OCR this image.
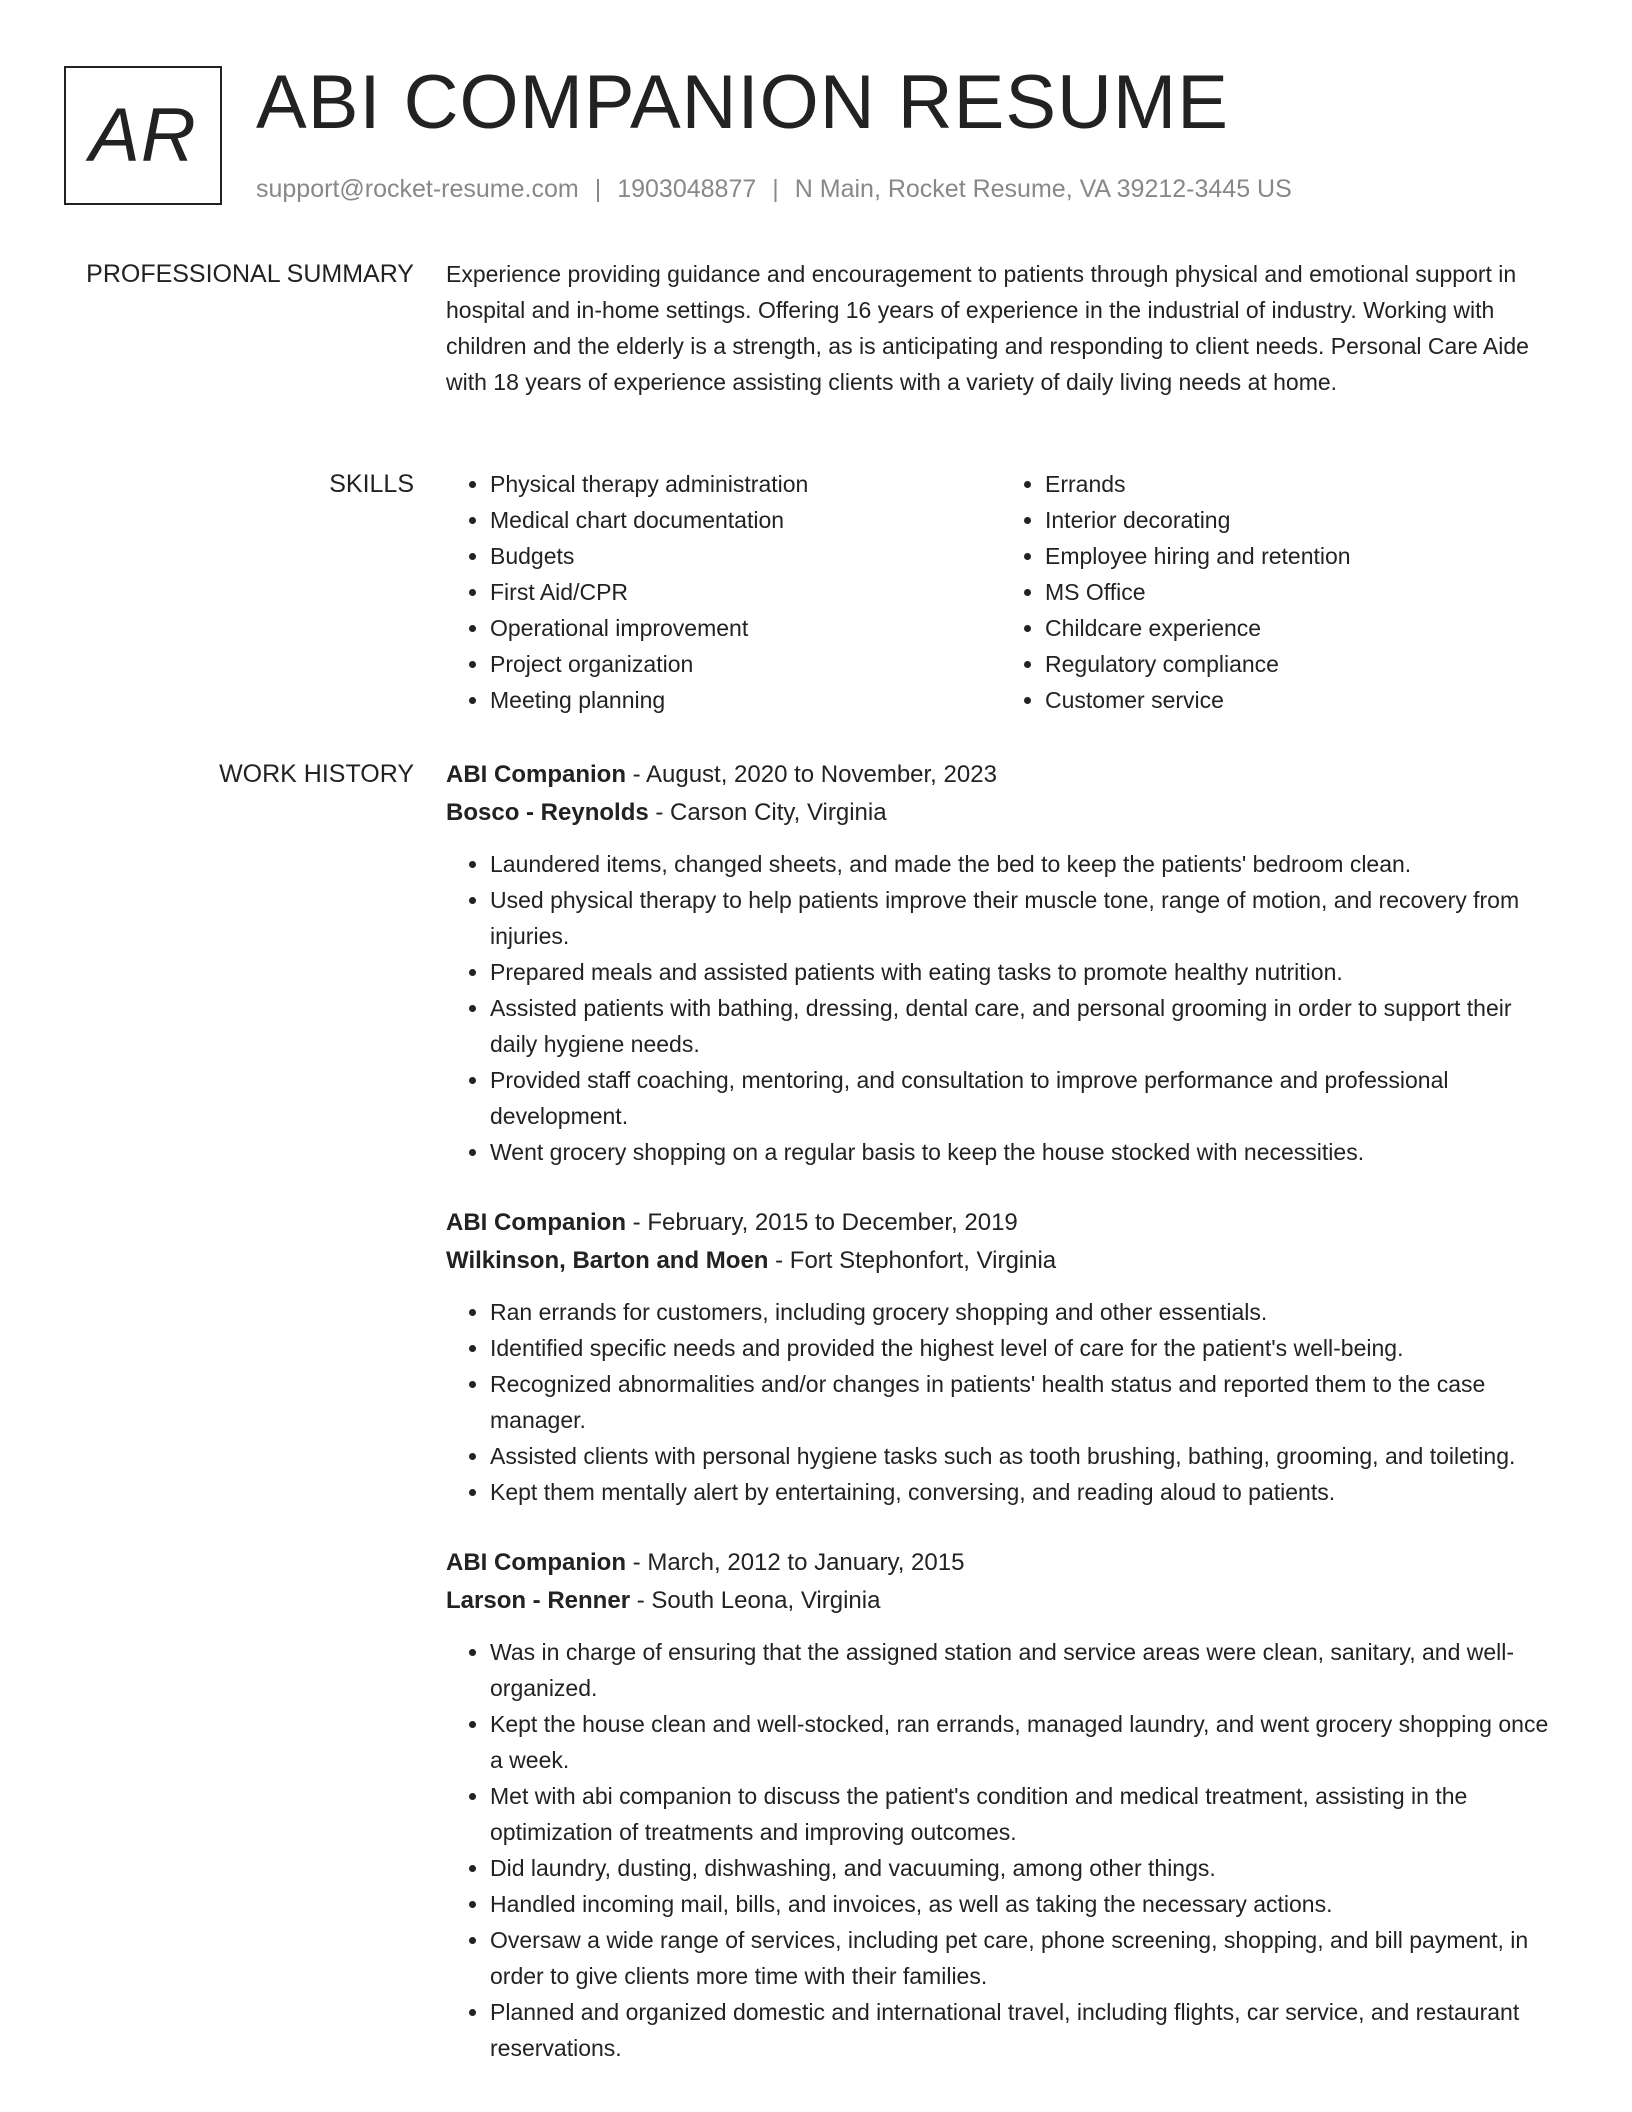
AR ABI COMPANION RESUME
support@rocket-resume.com | 1903048877 | N Main, Rocket Resume, VA 39212-3445 US
PROFESSIONAL SUMMARY Experience providing guidance and encouragement to patients through physical and emotional support in hospital and in-home settings. Offering 16 years of experience in the industrial of industry. Working with children and the elderly is a strength, as is anticipating and responding to client needs. Personal Care Aide with 18 years of experience assisting clients with a variety of daily living needs at home.

SKILLS
•	Physical therapy administration
• Medical chart documentation
• Budgets
• First Aid/CPR
• Operational improvement
• Project organization
• Meeting planning
• Errands
• Interior decorating
• Employee hiring and retention
• MS Office
• Childcare experience
• Regulatory compliance
• Customer service
WORK HISTORY ABI Companion - August, 2020 to November, 2023
Bosco - Reynolds - Carson City, Virginia
• Laundered items, changed sheets, and made the bed to keep the patients' bedroom clean.
• Used physical therapy to help patients improve their muscle tone, range of motion, and recovery from injuries.
• Prepared meals and assisted patients with eating tasks to promote healthy nutrition.
• Assisted patients with bathing, dressing, dental care, and personal grooming in order to support their daily hygiene needs.
• Provided staff coaching, mentoring, and consultation to improve performance and professional development.
• Went grocery shopping on a regular basis to keep the house stocked with necessities.
ABI Companion - February, 2015 to December, 2019
Wilkinson, Barton and Moen - Fort Stephonfort, Virginia
• Ran errands for customers, including grocery shopping and other essentials.
• Identified specific needs and provided the highest level of care for the patient's well-being.
• Recognized abnormalities and/or changes in patients' health status and reported them to the case manager.
• Assisted clients with personal hygiene tasks such as tooth brushing, bathing, grooming, and toileting.
• Kept them mentally alert by entertaining, conversing, and reading aloud to patients.
ABI Companion - March, 2012 to January, 2015
Larson - Renner - South Leona, Virginia
• Was in charge of ensuring that the assigned station and service areas were clean, sanitary, and well-organized.
• Kept the house clean and well-stocked, ran errands, managed laundry, and went grocery shopping once a week.
• Met with abi companion to discuss the patient's condition and medical treatment, assisting in the optimization of treatments and improving outcomes.
• Did laundry, dusting, dishwashing, and vacuuming, among other things.
• Handled incoming mail, bills, and invoices, as well as taking the necessary actions.
• Oversaw a wide range of services, including pet care, phone screening, shopping, and bill payment, in order to give clients more time with their families.
• Planned and organized domestic and international travel, including flights, car service, and restaurant reservations.
